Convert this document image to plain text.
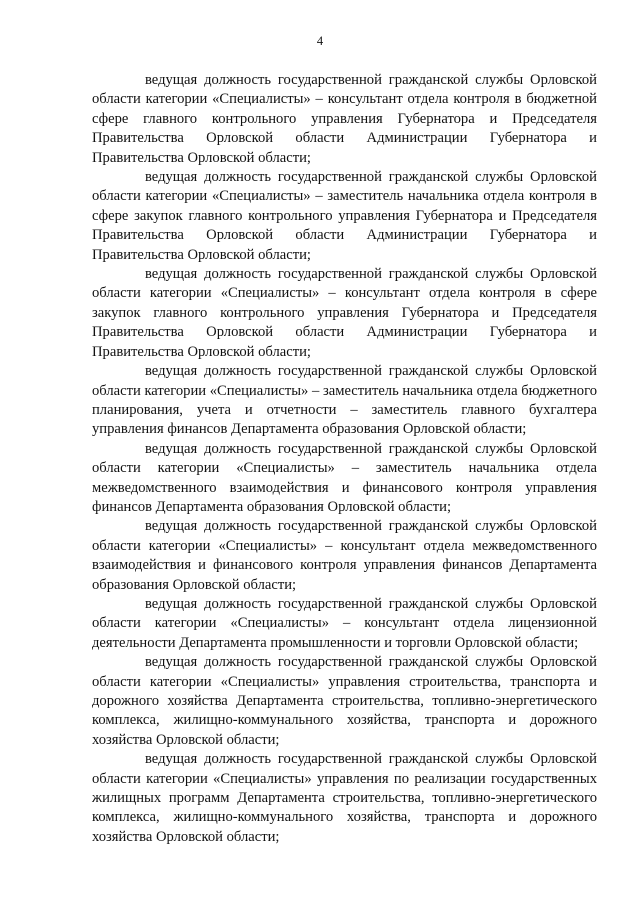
4

ведущая должность государственной гражданской службы Орловской области категории «Специалисты» – консультант отдела контроля в бюджетной сфере главного контрольного управления Губернатора и Председателя Правительства Орловской области Администрации Губернатора и Правительства Орловской области;

ведущая должность государственной гражданской службы Орловской области категории «Специалисты» – заместитель начальника отдела контроля в сфере закупок главного контрольного управления Губернатора и Председателя Правительства Орловской области Администрации Губернатора и Правительства Орловской области;

ведущая должность государственной гражданской службы Орловской области категории «Специалисты» – консультант отдела контроля в сфере закупок главного контрольного управления Губернатора и Председателя Правительства Орловской области Администрации Губернатора и Правительства Орловской области;

ведущая должность государственной гражданской службы Орловской области категории «Специалисты» – заместитель начальника отдела бюджетного планирования, учета и отчетности – заместитель главного бухгалтера управления финансов Департамента образования Орловской области;

ведущая должность государственной гражданской службы Орловской области категории «Специалисты» – заместитель начальника отдела межведомственного взаимодействия и финансового контроля управления финансов Департамента образования Орловской области;

ведущая должность государственной гражданской службы Орловской области категории «Специалисты» – консультант отдела межведомственного взаимодействия и финансового контроля управления финансов Департамента образования Орловской области;

ведущая должность государственной гражданской службы Орловской области категории «Специалисты» – консультант отдела лицензионной деятельности Департамента промышленности и торговли Орловской области;

ведущая должность государственной гражданской службы Орловской области категории «Специалисты» управления строительства, транспорта и дорожного хозяйства Департамента строительства, топливно-энергетического комплекса, жилищно-коммунального хозяйства, транспорта и дорожного хозяйства Орловской области;

ведущая должность государственной гражданской службы Орловской области категории «Специалисты» управления по реализации государственных жилищных программ Департамента строительства, топливно-энергетического комплекса, жилищно-коммунального хозяйства, транспорта и дорожного хозяйства Орловской области;
